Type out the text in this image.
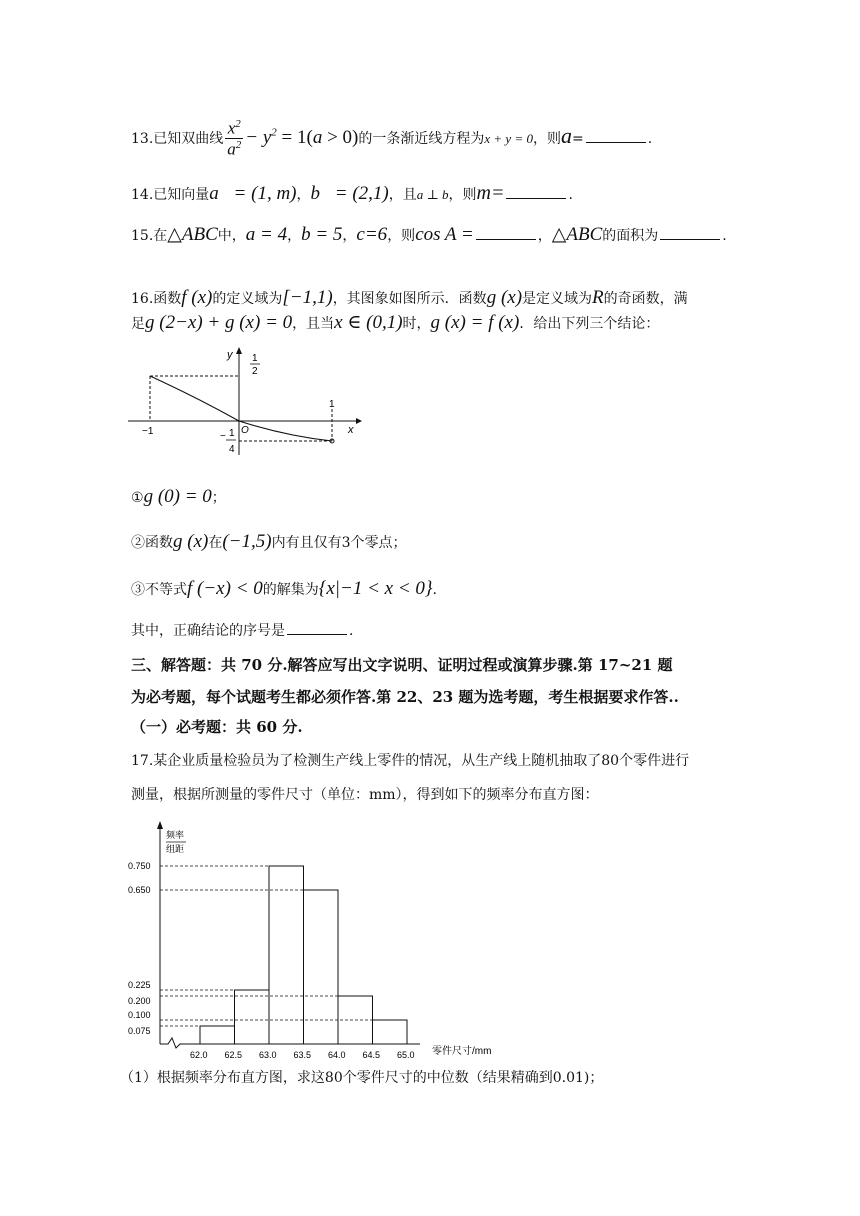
13.已知双曲线 $\frac{x^2}{a^2} - y^2 = 1(a > 0)$的一条渐近线方程为x + y = 0，则a=	.
14.已知向量a⃗= (1, m)，b⃗= (2,1)，且a ⊥ b，则m=	.
15.在△ABC中，a = 4，b = 5，c=6，则cos A =	，△ABC的面积为	.
16.函数f (x)的定义域为[−1,1)，其图象如图所示．函数g (x)是定义域为R的奇函数，满
足g (2−x) + g (x) = 0，且当x ∈ (0,1)时，g (x) = f (x)．给出下列三个结论：
y 1
2
−1
1
O	x
− 1
4
①g (0) = 0；
②函数g (x)在(−1,5)内有且仅有3个零点；
③不等式f (−x) < 0的解集为{x|−1 < x < 0}.
其中，正确结论的序号是	.
三、解答题：共 70 分.解答应写出文字说明、证明过程或演算步骤.第 17~21 题
为必考题，每个试题考生都必须作答.第 22、23 题为选考题，考生根据要求作答..
（一）必考题：共 60 分.
17.某企业质量检验员为了检测生产线上零件的情况，从生产线上随机抽取了80个零件进行
测量，根据所测量的零件尺寸（单位：mm），得到如下的频率分布直方图：
频率
组距
零件尺寸/mm
0.750
0.650
0.225
0.200
0.100
0.075
62.0 62.5 63.0 63.5 64.0 64.5 65.0
（1）根据频率分布直方图，求这80个零件尺寸的中位数（结果精确到0.01)；
